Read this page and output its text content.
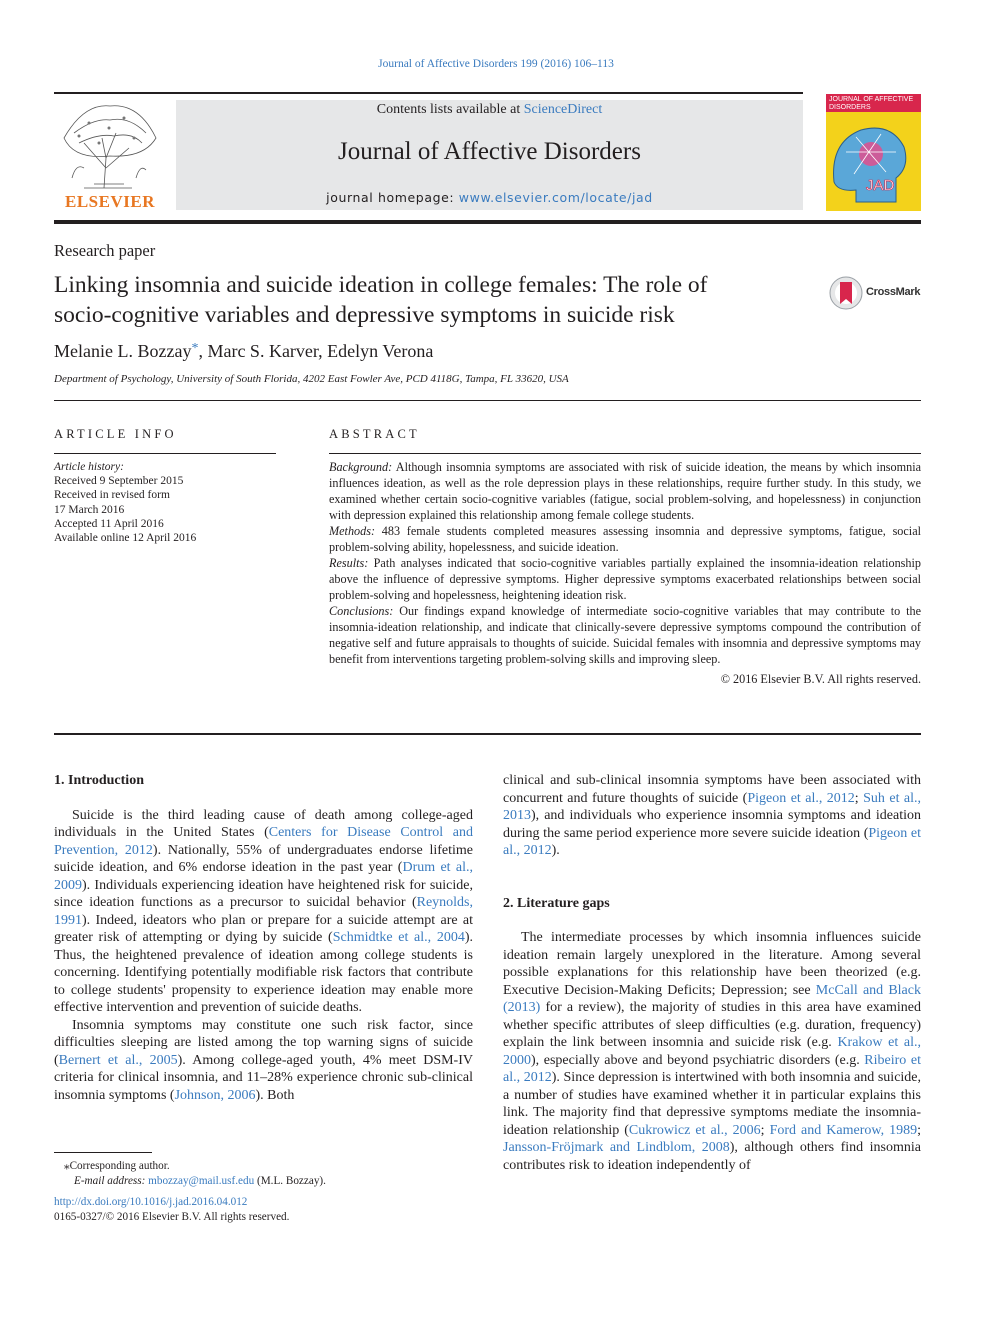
Journal of Affective Disorders 199 (2016) 106–113
ELSEVIER
Contents lists available at ScienceDirect
Journal of Affective Disorders
journal homepage: www.elsevier.com/locate/jad
JOURNAL OF AFFECTIVE DISORDERS
JAD
Research paper
Linking insomnia and suicide ideation in college females: The role of
socio-cognitive variables and depressive symptoms in suicide risk
CrossMark
Melanie L. Bozzay*, Marc S. Karver, Edelyn Verona
Department of Psychology, University of South Florida, 4202 East Fowler Ave, PCD 4118G, Tampa, FL 33620, USA
ARTICLE INFO
Article history:
Received 9 September 2015
Received in revised form
17 March 2016
Accepted 11 April 2016
Available online 12 April 2016
ABSTRACT

Background: Although insomnia symptoms are associated with risk of suicide ideation, the means by which insomnia influences ideation, as well as the role depression plays in these relationships, require further study. In this study, we examined whether certain socio-cognitive variables (fatigue, social problem-solving, and hopelessness) in conjunction with depression explained this relationship among female college students.

Methods: 483 female students completed measures assessing insomnia and depressive symptoms, fatigue, social problem-solving ability, hopelessness, and suicide ideation.

Results: Path analyses indicated that socio-cognitive variables partially explained the insomnia-ideation relationship above the influence of depressive symptoms. Higher depressive symptoms exacerbated relationships between social problem-solving and hopelessness, heightening ideation risk.

Conclusions: Our findings expand knowledge of intermediate socio-cognitive variables that may contribute to the insomnia-ideation relationship, and indicate that clinically-severe depressive symptoms compound the contribution of negative self and future appraisals to thoughts of suicide. Suicidal females with insomnia and depressive symptoms may benefit from interventions targeting problem-solving skills and improving sleep.

© 2016 Elsevier B.V. All rights reserved.

1. Introduction

Suicide is the third leading cause of death among college-aged individuals in the United States (Centers for Disease Control and Prevention, 2012). Nationally, 55% of undergraduates endorse lifetime suicide ideation, and 6% endorse ideation in the past year (Drum et al., 2009). Individuals experiencing ideation have heightened risk for suicide, since ideation functions as a precursor to suicidal behavior (Reynolds, 1991). Indeed, ideators who plan or prepare for a suicide attempt are at greater risk of attempting or dying by suicide (Schmidtke et al., 2004). Thus, the heightened prevalence of ideation among college students is concerning. Identifying potentially modifiable risk factors that contribute to college students' propensity to experience ideation may enable more effective intervention and prevention of suicide deaths.

Insomnia symptoms may constitute one such risk factor, since difficulties sleeping are listed among the top warning signs of suicide (Bernert et al., 2005). Among college-aged youth, 4% meet DSM-IV criteria for clinical insomnia, and 11–28% experience chronic sub-clinical insomnia symptoms (Johnson, 2006). Both

clinical and sub-clinical insomnia symptoms have been associated with concurrent and future thoughts of suicide (Pigeon et al., 2012; Suh et al., 2013), and individuals who experience insomnia symptoms and ideation during the same period experience more severe suicide ideation (Pigeon et al., 2012).

2. Literature gaps

The intermediate processes by which insomnia influences suicide ideation remain largely unexplored in the literature. Among several possible explanations for this relationship have been theorized (e.g. Executive Decision-Making Deficits; Depression; see McCall and Black (2013) for a review), the majority of studies in this area have examined whether specific attributes of sleep difficulties (e.g. duration, frequency) explain the link between insomnia and suicide risk (e.g. Krakow et al., 2000), especially above and beyond psychiatric disorders (e.g. Ribeiro et al., 2012). Since depression is intertwined with both insomnia and suicide, a number of studies have examined whether it in particular explains this link. The majority find that depressive symptoms mediate the insomnia-ideation relationship (Cukrowicz et al., 2006; Ford and Kamerow, 1989; Jansson-Fröjmark and Lindblom, 2008), although others find insomnia contributes risk to ideation independently of

⁎Corresponding author.
E-mail address: mbozzay@mail.usf.edu (M.L. Bozzay).
http://dx.doi.org/10.1016/j.jad.2016.04.012
0165-0327/© 2016 Elsevier B.V. All rights reserved.
